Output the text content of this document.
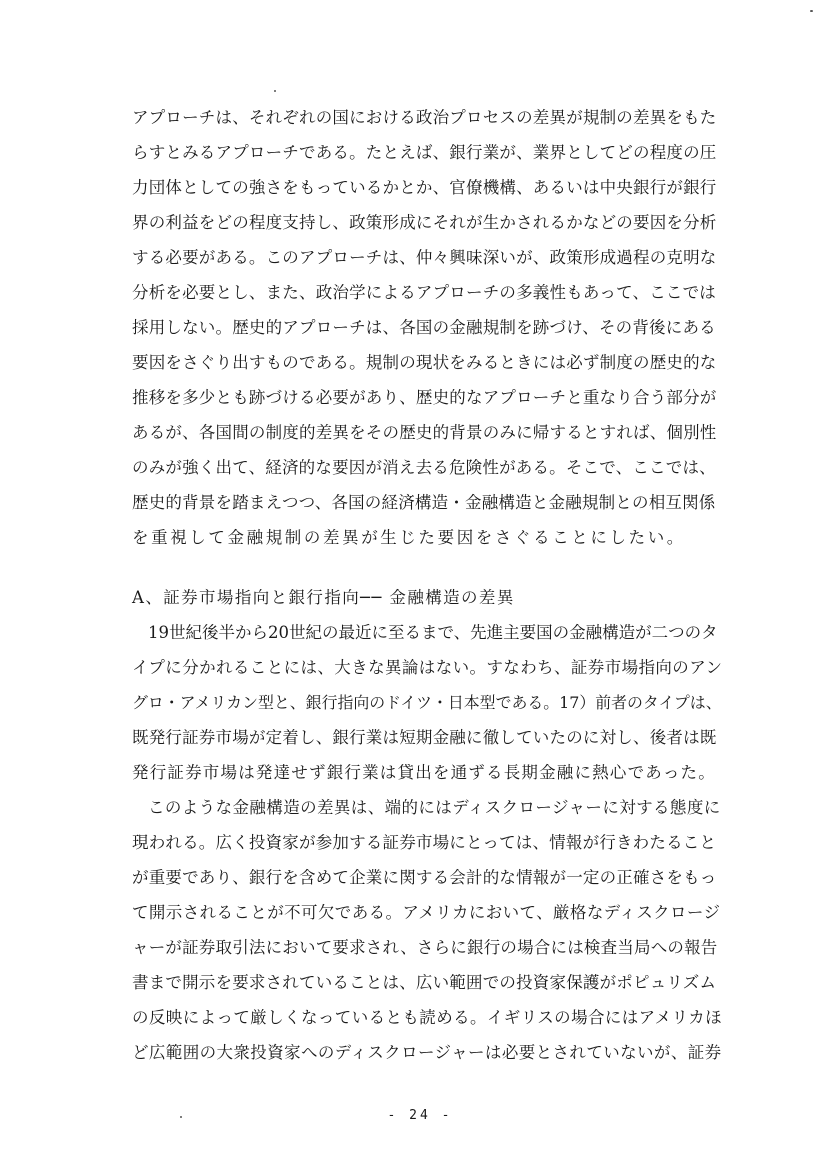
アプローチは、それぞれの国における政治プロセスの差異が規制の差異をもた
らすとみるアプローチである。たとえば、銀行業が、業界としてどの程度の圧
力団体としての強さをもっているかとか、官僚機構、あるいは中央銀行が銀行
界の利益をどの程度支持し、政策形成にそれが生かされるかなどの要因を分析
する必要がある。このアプローチは、仲々興味深いが、政策形成過程の克明な
分析を必要とし、また、政治学によるアプローチの多義性もあって、ここでは
採用しない。歴史的アプローチは、各国の金融規制を跡づけ、その背後にある
要因をさぐり出すものである。規制の現状をみるときには必ず制度の歴史的な
推移を多少とも跡づける必要があり、歴史的なアプローチと重なり合う部分が
あるが、各国間の制度的差異をその歴史的背景のみに帰するとすれば、個別性
のみが強く出て、経済的な要因が消え去る危険性がある。そこで、ここでは、
歴史的背景を踏まえつつ、各国の経済構造・金融構造と金融規制との相互関係
を重視して金融規制の差異が生じた要因をさぐることにしたい。
A、証券市場指向と銀行指向── 金融構造の差異
19世紀後半から20世紀の最近に至るまで、先進主要国の金融構造が二つのタ
イプに分かれることには、大きな異論はない。すなわち、証券市場指向のアン
グロ・アメリカン型と、銀行指向のドイツ・日本型である。17）前者のタイプは、
既発行証券市場が定着し、銀行業は短期金融に徹していたのに対し、後者は既
発行証券市場は発達せず銀行業は貸出を通ずる長期金融に熱心であった。
このような金融構造の差異は、端的にはディスクロージャーに対する態度に
現われる。広く投資家が参加する証券市場にとっては、情報が行きわたること
が重要であり、銀行を含めて企業に関する会計的な情報が一定の正確さをもっ
て開示されることが不可欠である。アメリカにおいて、厳格なディスクロージ
ャーが証券取引法において要求され、さらに銀行の場合には検査当局への報告
書まで開示を要求されていることは、広い範囲での投資家保護がポピュリズム
の反映によって厳しくなっているとも読める。イギリスの場合にはアメリカほ
ど広範囲の大衆投資家へのディスクロージャーは必要とされていないが、証券
- 24 -
